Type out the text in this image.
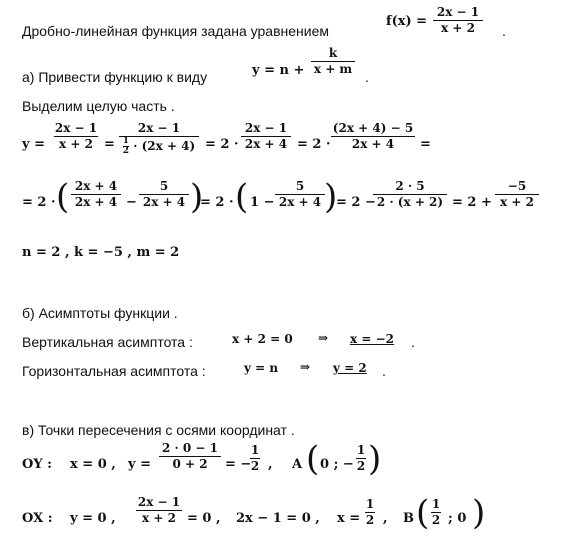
Дробно-линейная функция задана уравнением
f(x) =
2x − 1
x + 2	.
а) Привести функцию к виду	y = n +
k
x + m .
Выделим целую часть .
y =
2x − 1
x + 2 =
2x − 1
$\frac{1}{2} \cdot (2x + 4) = 2$ ·
2x − 1
2x + 4 = 2 ·
(2x + 4) − 5
2x + 4	=
= 2 · ( 2x + 4
2x + 4 −
5
2x + 4 )
= 2 · ( 1 −
5
2x + 4 )
= 2 −
2 · 5
2 · (x + 2) = 2 +
−5
x + 2
n = 2 , k = −5 , m = 2
б) Асимптоты функции .
Вертикальная асимптота :	x + 2 = 0 ⇒ x = −2 .
Горизонтальная асимптота :	y = n ⇒ y = 2 .
в) Точки пересечения с осями координат .
OY : x = 0 , y =
2 · 0 − 1
0 + 2	= −
1
2 , A ( 0 ; −
1
2 )
OX : y = 0 ,
2x − 1
x + 2 = 0 , 2x − 1 = 0 , x =
1
2 , B ( 1
2 ; 0 )
